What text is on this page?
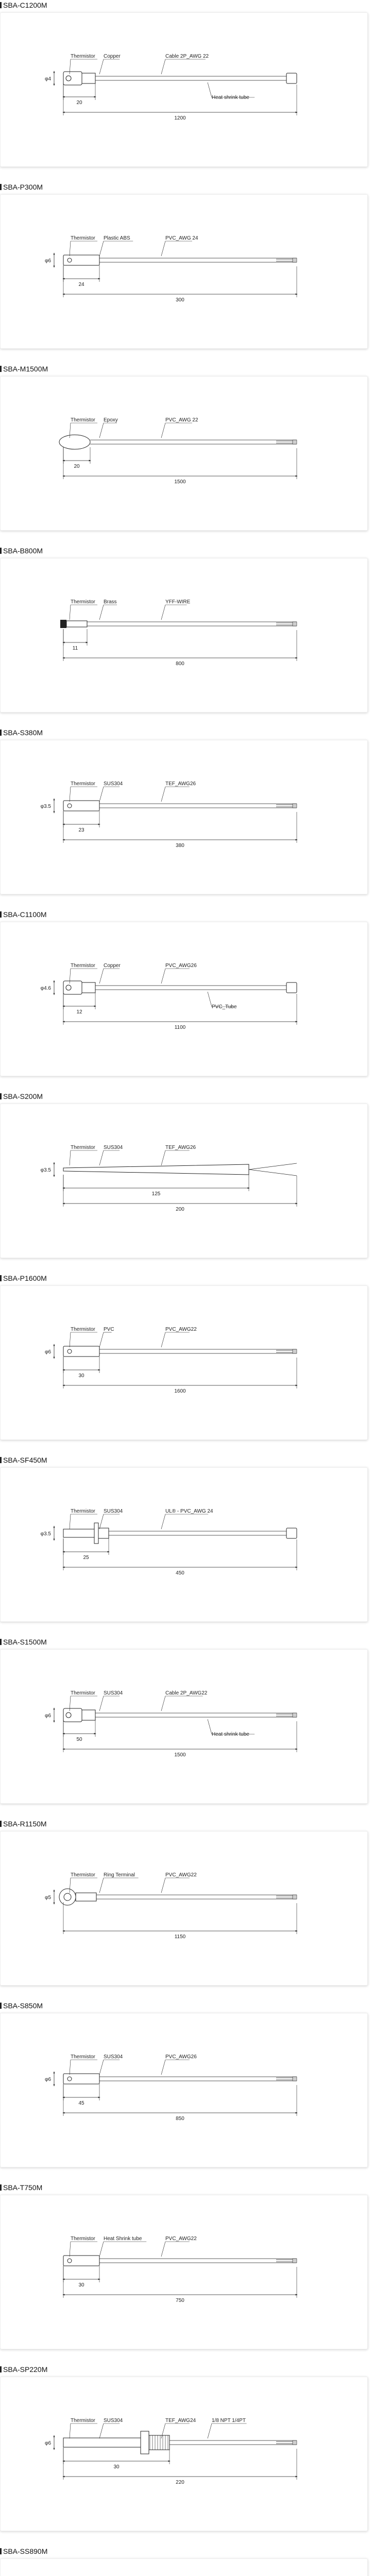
SBA-C1200M
Thermistor Copper	Cable 2P_AWG 22
Heat shrink tube
φ4
20
1200
SBA-P300M
Thermistor Plastic ABS	PVC_AWG 24
φ6
24
300
SBA-M1500M
Thermistor Epoxy	PVC_AWG 22
20
1500
SBA-B800M
Thermistor Brass	YFF-WIRE
11
800
SBA-S380M
Thermistor SUS304	TEF_AWG26
φ3.5
23
380
SBA-C1100M
Thermistor Copper	PVC_AWG26
PVC_Tube
φ4.6
12
1100
SBA-S200M
Thermistor SUS304	TEF_AWG26
φ3.5
125
200
SBA-P1600M
Thermistor PVC	PVC_AWG22
φ6
30
1600
SBA-SF450M
Thermistor SUS304	UL® - PVC_AWG 24
φ3.5
25
450
SBA-S1500M
Thermistor SUS304	Cable 2P_AWG22
Heat shrink tube
φ6
50
1500
SBA-R1150M
Thermistor Ring Terminal	PVC_AWG22
φ5
1150
SBA-S850M
Thermistor SUS304	PVC_AWG26
φ6
45
850
SBA-T750M
Thermistor Heat Shrink tube	PVC_AWG22
30
750
SBA-SP220M
Thermistor SUS304	TEF_AWG24	1/8 NPT 1/4PT
φ6
30
220
SBA-SS890M
